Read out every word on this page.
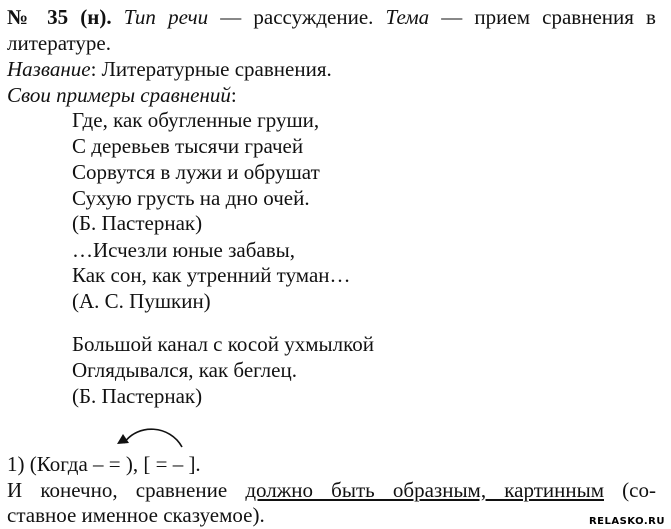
№ 35 (н). Тип речи — рассуждение. Тема — прием сравнения в
литературе.
Название: Литературные сравнения.
Свои примеры сравнений:
Где, как обугленные груши,
С деревьев тысячи грачей
Сорвутся в лужи и обрушат
Сухую грусть на дно очей.
(Б. Пастернак)
…Исчезли юные забавы,
Как сон, как утренний туман…
(А. С. Пушкин)
Большой канал с косой ухмылкой
Оглядывался, как беглец.
(Б. Пастернак)
1) (Когда – = ), [ = – ].
И конечно, сравнение должно быть образным, картинным (со-
ставное именное сказуемое).	RELASKO.RU
